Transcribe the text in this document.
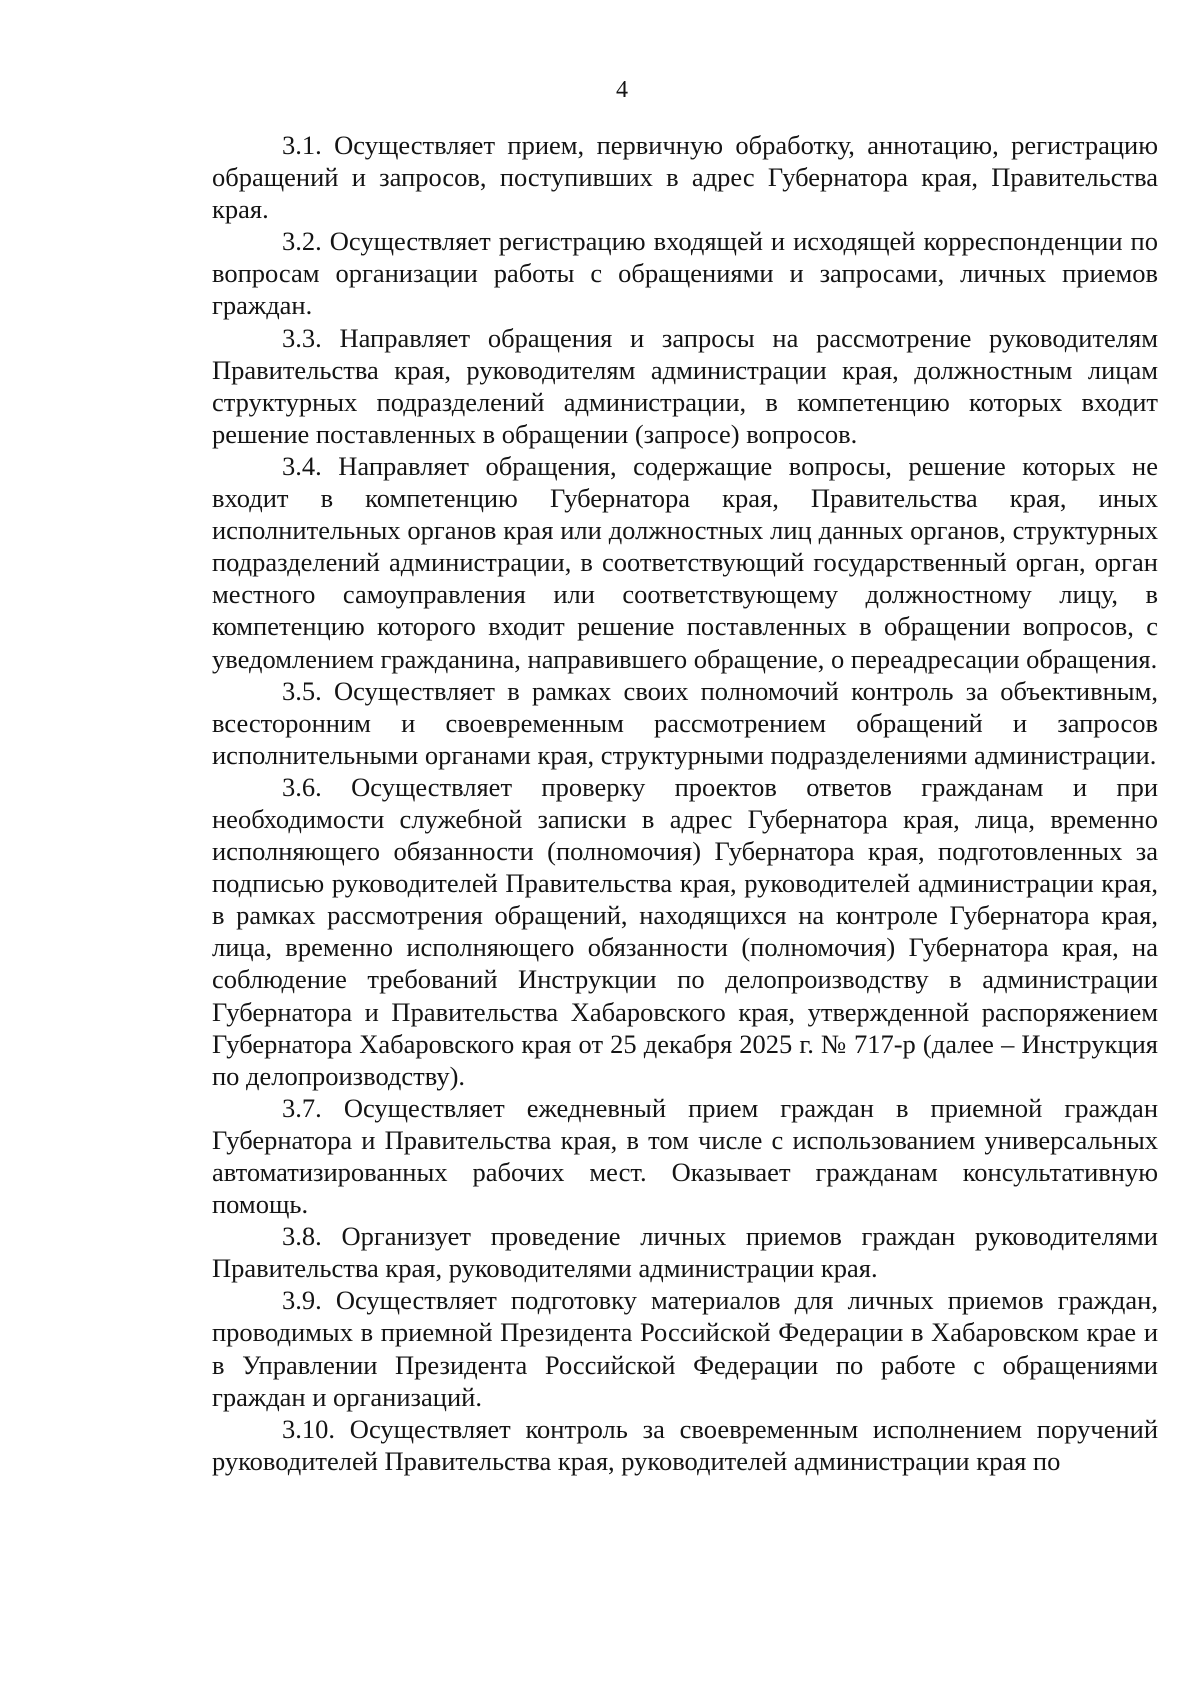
4

3.1. Осуществляет прием, первичную обработку, аннотацию, регистрацию обращений и запросов, поступивших в адрес Губернатора края, Правительства края.

3.2. Осуществляет регистрацию входящей и исходящей корреспонденции по вопросам организации работы с обращениями и запросами, личных приемов граждан.

3.3. Направляет обращения и запросы на рассмотрение руководителям Правительства края, руководителям администрации края, должностным лицам структурных подразделений администрации, в компетенцию которых входит решение поставленных в обращении (запросе) вопросов.

3.4. Направляет обращения, содержащие вопросы, решение которых не входит в компетенцию Губернатора края, Правительства края, иных исполнительных органов края или должностных лиц данных органов, структурных подразделений администрации, в соответствующий государственный орган, орган местного самоуправления или соответствующему должностному лицу, в компетенцию которого входит решение поставленных в обращении вопросов, с уведомлением гражданина, направившего обращение, о переадресации обращения.

3.5. Осуществляет в рамках своих полномочий контроль за объективным, всесторонним и своевременным рассмотрением обращений и запросов исполнительными органами края, структурными подразделениями администрации.

3.6. Осуществляет проверку проектов ответов гражданам и при необходимости служебной записки в адрес Губернатора края, лица, временно исполняющего обязанности (полномочия) Губернатора края, подготовленных за подписью руководителей Правительства края, руководителей администрации края, в рамках рассмотрения обращений, находящихся на контроле Губернатора края, лица, временно исполняющего обязанности (полномочия) Губернатора края, на соблюдение требований Инструкции по делопроизводству в администрации Губернатора и Правительства Хабаровского края, утвержденной распоряжением Губернатора Хабаровского края от 25 декабря 2025 г. № 717-р (далее – Инструкция по делопроизводству).

3.7. Осуществляет ежедневный прием граждан в приемной граждан Губернатора и Правительства края, в том числе с использованием универсальных автоматизированных рабочих мест. Оказывает гражданам консультативную помощь.

3.8. Организует проведение личных приемов граждан руководителями Правительства края, руководителями администрации края.

3.9. Осуществляет подготовку материалов для личных приемов граждан, проводимых в приемной Президента Российской Федерации в Хабаровском крае и в Управлении Президента Российской Федерации по работе с обращениями граждан и организаций.

3.10. Осуществляет контроль за своевременным исполнением поручений руководителей Правительства края, руководителей администрации края по
